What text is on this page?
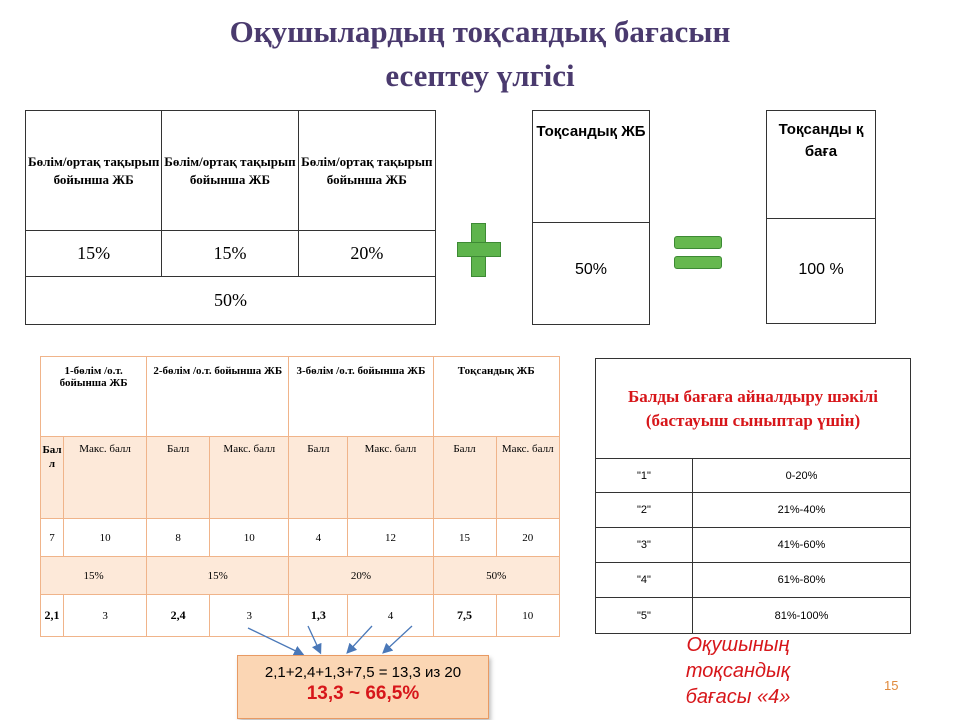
Оқушылардың тоқсандық бағасын
есептеу үлгісі
Бөлім/ортақ тақырып бойынша ЖБ	Бөлім/ортақ тақырып бойынша ЖБ	Бөлім/ортақ тақырып бойынша ЖБ
15%	15%	20%
50%		
Тоқсандық ЖБ
50%
Тоқсанды қ баға
100 %
1-бөлім /о.т. бойынша ЖБ		2-бөлім /о.т. бойынша ЖБ		3-бөлім /о.т. бойынша ЖБ		Тоқсандық ЖБ	
Балл	Макс. балл	Балл	Макс. балл	Балл	Макс. балл	Балл	Макс. балл
7	10	8	10	4	12	15	20
15%		15%		20%		50%	
2,1	3	2,4	3	1,3	4	7,5	10
2,1+2,4+1,3+7,5 = 13,3 из 20
13,3 ~ 66,5%
Балды бағаға айналдыру шәкілі (бастауыш сыныптар үшін)	
"1"	0-20%
"2"	21%-40%
"3"	41%-60%
"4"	61%-80%
"5"	81%-100%
Оқушының
тоқсандық
бағасы «4»
15
